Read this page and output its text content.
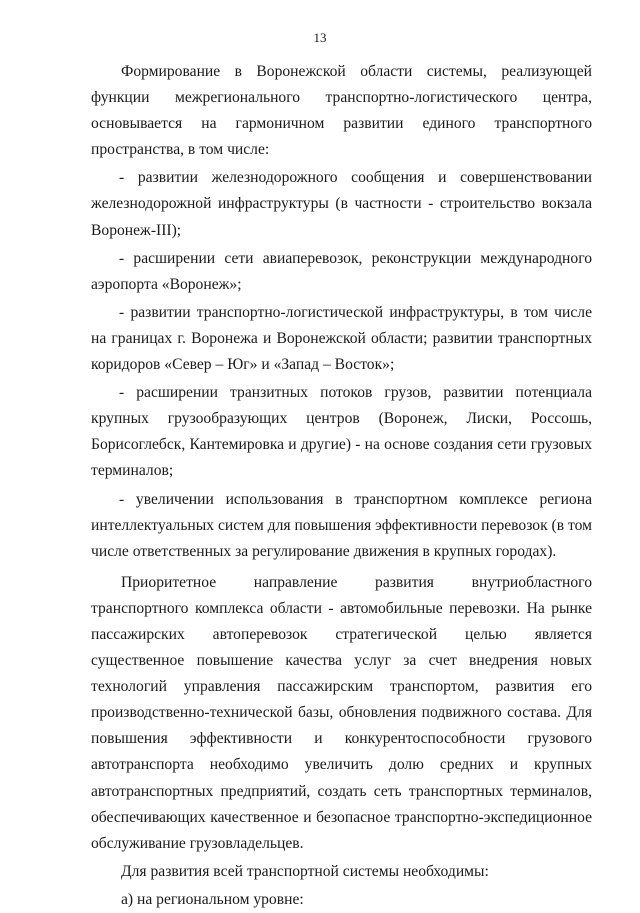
13

Формирование в Воронежской области системы, реализующей функции межрегионального транспортно-логистического центра, основывается на гармоничном развитии единого транспортного пространства, в том числе:

- развитии железнодорожного сообщения и совершенствовании железнодорожной инфраструктуры (в частности - строительство вокзала Воронеж-III);

- расширении сети авиаперевозок, реконструкции международного аэропорта «Воронеж»;

- развитии транспортно-логистической инфраструктуры, в том числе на границах г. Воронежа и Воронежской области; развитии транспортных коридоров «Север – Юг» и «Запад – Восток»;

- расширении транзитных потоков грузов, развитии потенциала крупных грузообразующих центров (Воронеж, Лиски, Россошь, Борисоглебск, Кантемировка и другие) - на основе создания сети грузовых терминалов;

- увеличении использования в транспортном комплексе региона интеллектуальных систем для повышения эффективности перевозок (в том числе ответственных за регулирование движения в крупных городах).

Приоритетное направление развития внутриобластного транспортного комплекса области - автомобильные перевозки. На рынке пассажирских автоперевозок стратегической целью является существенное повышение качества услуг за счет внедрения новых технологий управления пассажирским транспортом, развития его производственно-технической базы, обновления подвижного состава. Для повышения эффективности и конкурентоспособности грузового автотранспорта необходимо увеличить долю средних и крупных автотранспортных предприятий, создать сеть транспортных терминалов, обеспечивающих качественное и безопасное транспортно-экспедиционное обслуживание грузовладельцев.

Для развития всей транспортной системы необходимы:

а) на региональном уровне:
